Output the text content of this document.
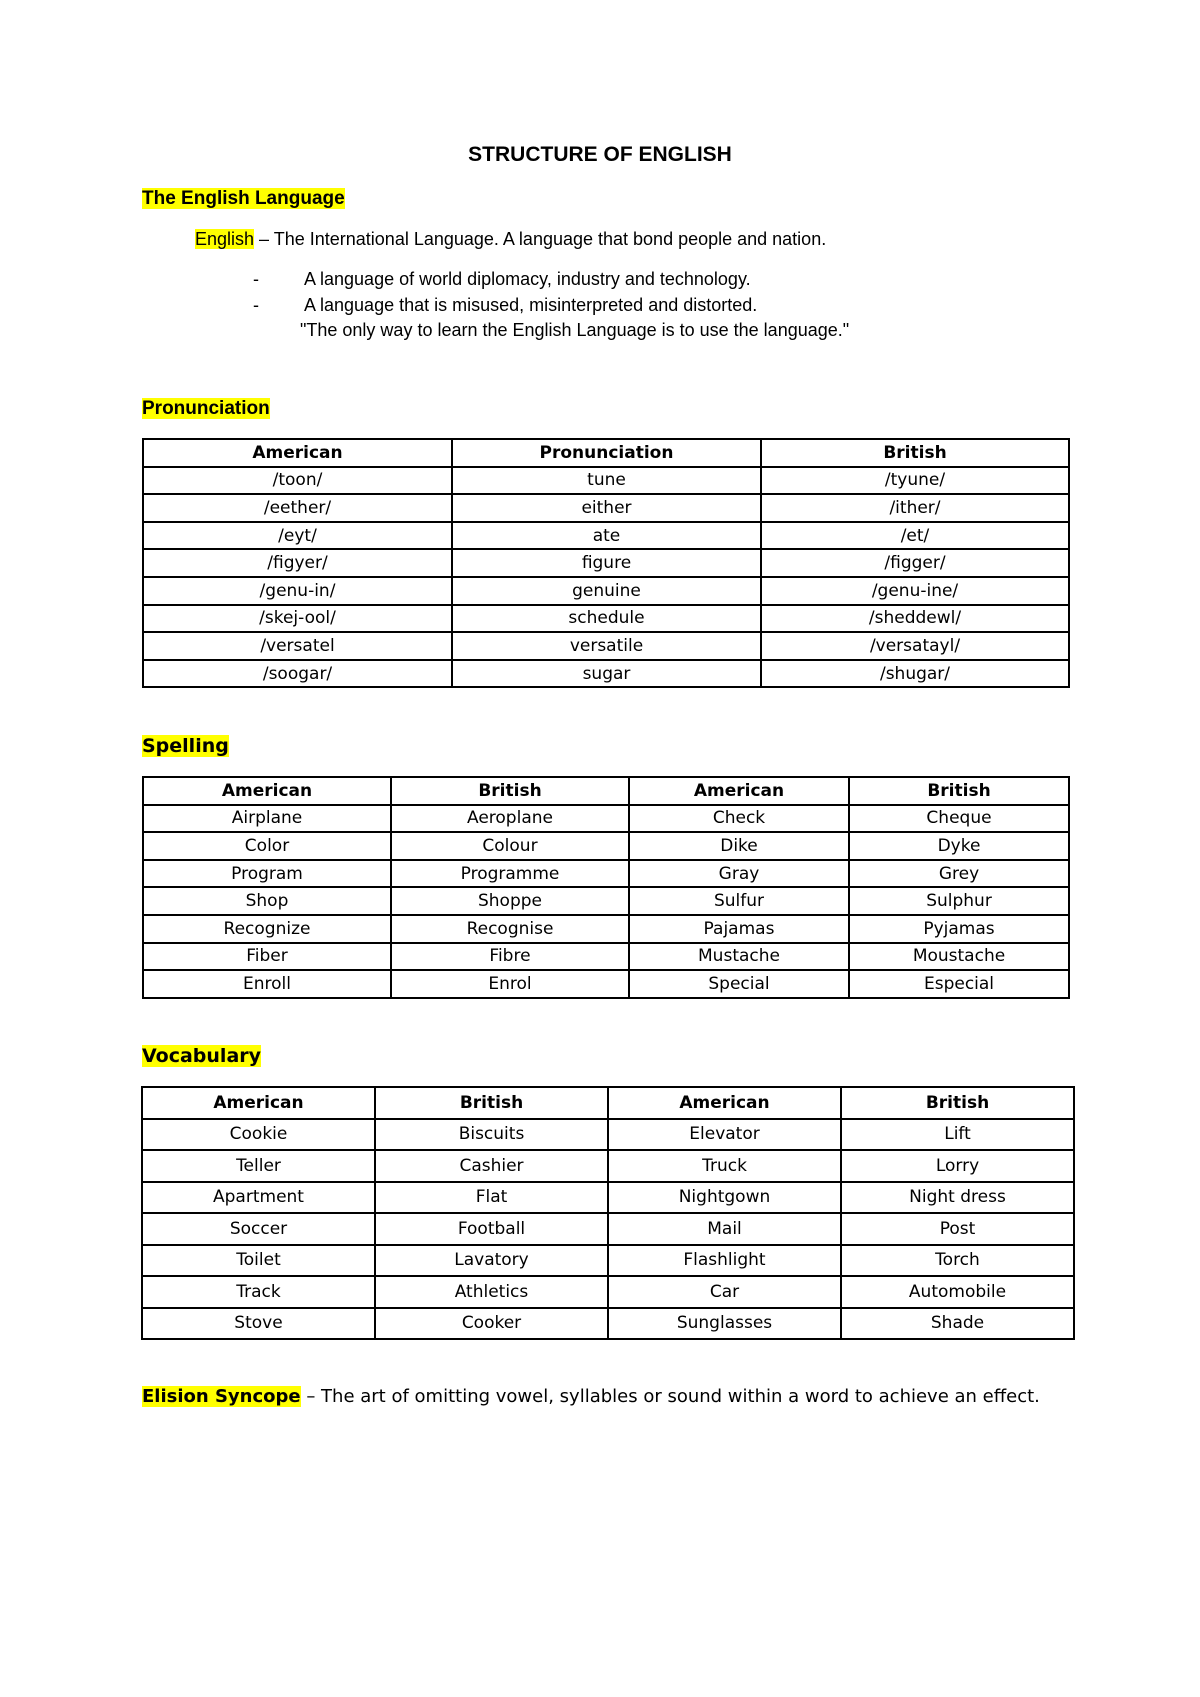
STRUCTURE OF ENGLISH
The English Language
English – The International Language. A language that bond people and nation.
-	A language of world diplomacy, industry and technology.
-	A language that is misused, misinterpreted and distorted.
"The only way to learn the English Language is to use the language."
Pronunciation
American	Pronunciation	British
/toon/	tune	/tyune/
/eether/	either	/ither/
/eyt/	ate	/et/
/figyer/	figure	/figger/
/genu-in/	genuine	/genu-ine/
/skej-ool/	schedule	/sheddewl/
/versatel	versatile	/versatayl/
/soogar/	sugar	/shugar/
Spelling
American	British	American	British
Airplane	Aeroplane	Check	Cheque
Color	Colour	Dike	Dyke
Program	Programme	Gray	Grey
Shop	Shoppe	Sulfur	Sulphur
Recognize	Recognise	Pajamas	Pyjamas
Fiber	Fibre	Mustache	Moustache
Enroll	Enrol	Special	Especial
Vocabulary
American	British	American	British
Cookie	Biscuits	Elevator	Lift
Teller	Cashier	Truck	Lorry
Apartment	Flat	Nightgown	Night dress
Soccer	Football	Mail	Post
Toilet	Lavatory	Flashlight	Torch
Track	Athletics	Car	Automobile
Stove	Cooker	Sunglasses	Shade
Elision Syncope – The art of omitting vowel, syllables or sound within a word to achieve an effect.
